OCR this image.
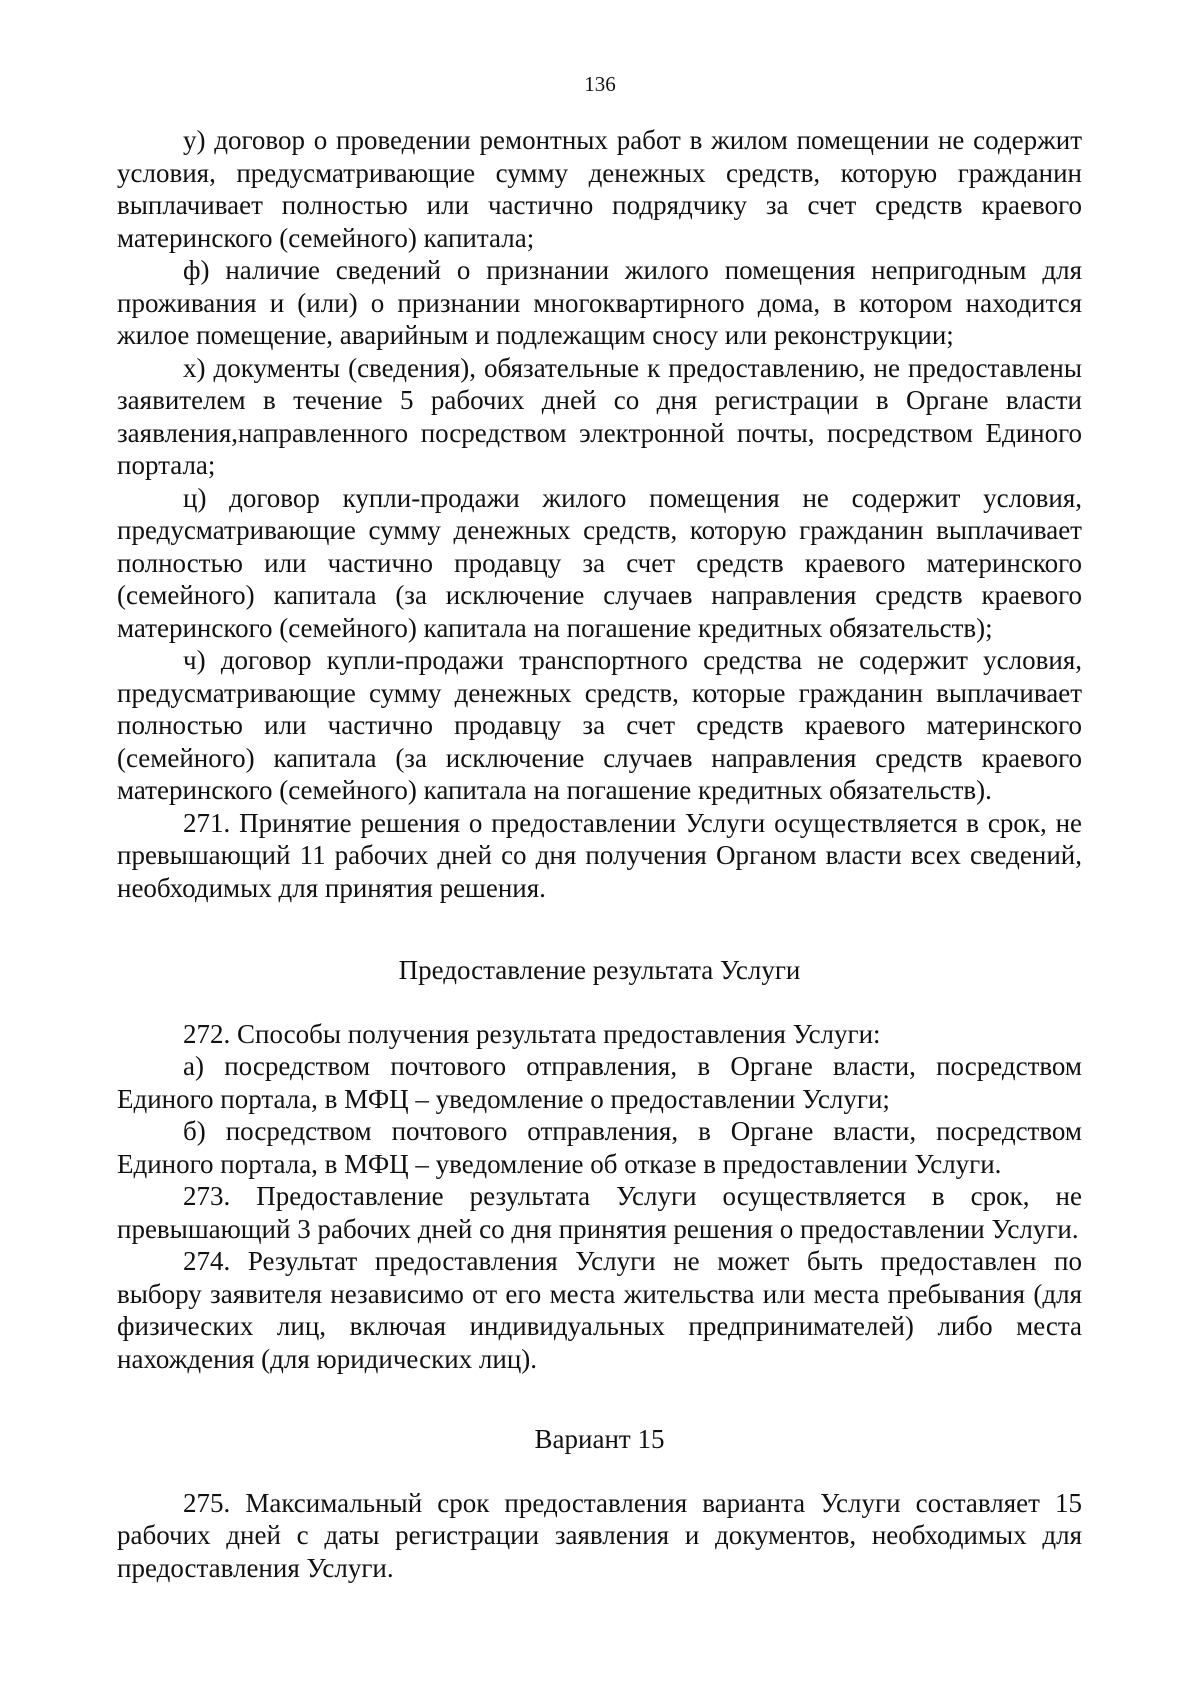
136

у) договор о проведении ремонтных работ в жилом помещении не содержит условия, предусматривающие сумму денежных средств, которую гражданин выплачивает полностью или частично подрядчику за счет средств краевого материнского (семейного) капитала;

ф) наличие сведений о признании жилого помещения непригодным для проживания и (или) о признании многоквартирного дома, в котором находится жилое помещение, аварийным и подлежащим сносу или реконструкции;

х) документы (сведения), обязательные к предоставлению, не предоставлены заявителем в течение 5 рабочих дней со дня регистрации в Органе власти заявления,направленного посредством электронной почты, посредством Единого портала;

ц) договор купли-продажи жилого помещения не содержит условия, предусматривающие сумму денежных средств, которую гражданин выплачивает полностью или частично продавцу за счет средств краевого материнского (семейного) капитала (за исключение случаев направления средств краевого материнского (семейного) капитала на погашение кредитных обязательств);

ч) договор купли-продажи транспортного средства не содержит условия, предусматривающие сумму денежных средств, которые гражданин выплачивает полностью или частично продавцу за счет средств краевого материнского (семейного) капитала (за исключение случаев направления средств краевого материнского (семейного) капитала на погашение кредитных обязательств).

271. Принятие решения о предоставлении Услуги осуществляется в срок, не превышающий 11 рабочих дней со дня получения Органом власти всех сведений, необходимых для принятия решения.

Предоставление результата Услуги

272. Способы получения результата предоставления Услуги:

а) посредством почтового отправления, в Органе власти, посредством Единого портала, в МФЦ – уведомление о предоставлении Услуги;

б) посредством почтового отправления, в Органе власти, посредством Единого портала, в МФЦ – уведомление об отказе в предоставлении Услуги.

273. Предоставление результата Услуги осуществляется в срок, не превышающий 3 рабочих дней со дня принятия решения о предоставлении Услуги.

274. Результат предоставления Услуги не может быть предоставлен по выбору заявителя независимо от его места жительства или места пребывания (для физических лиц, включая индивидуальных предпринимателей) либо места нахождения (для юридических лиц).

Вариант 15

275. Максимальный срок предоставления варианта Услуги составляет 15 рабочих дней с даты регистрации заявления и документов, необходимых для предоставления Услуги.
